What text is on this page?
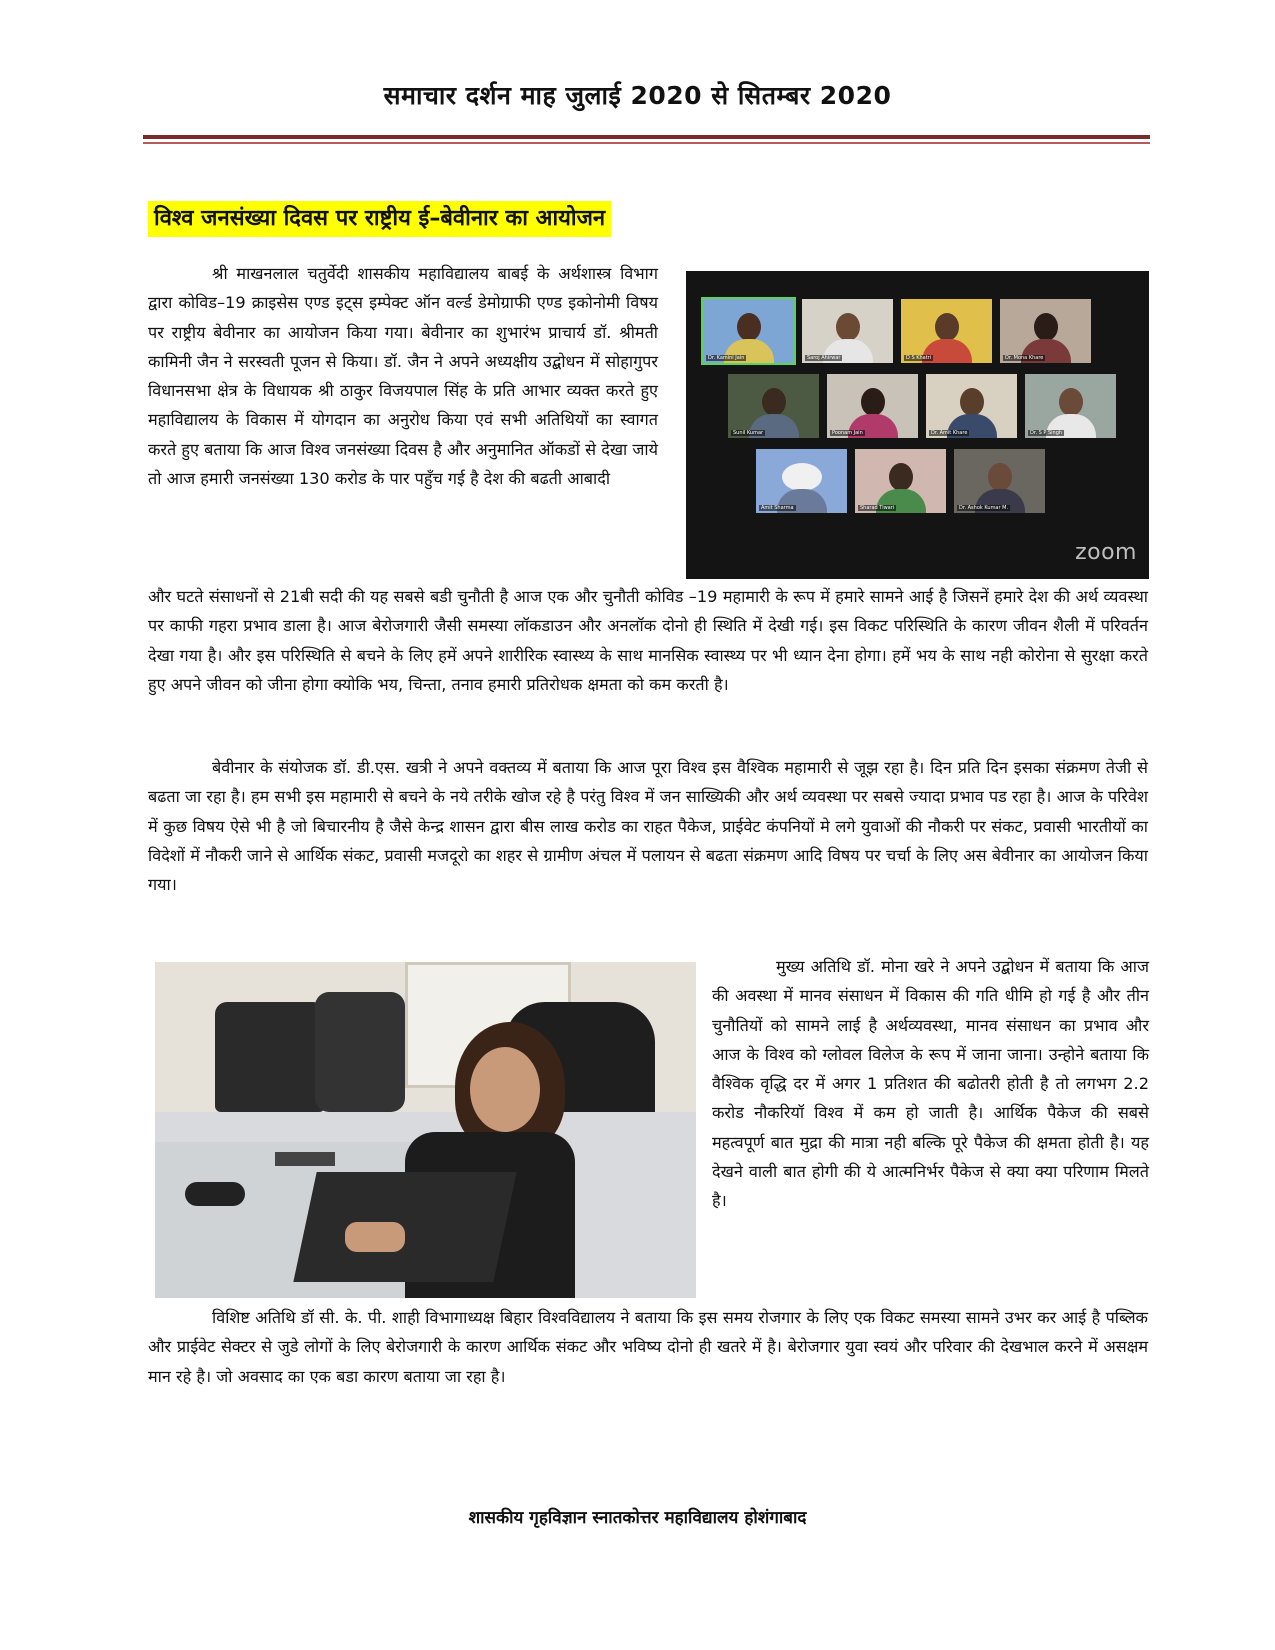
समाचार दर्शन माह जुलाई 2020 से सितम्बर 2020
विश्व जनसंख्या दिवस पर राष्ट्रीय ई–बेवीनार का आयोजन

श्री माखनलाल चतुर्वेदी शासकीय महाविद्यालय बाबई के अर्थशास्त्र विभाग द्वारा कोविड–19 क्राइसेस एण्ड इट्स इम्पेक्ट ऑन वर्ल्ड डेमोग्राफी एण्ड इकोनोमी विषय पर राष्ट्रीय बेवीनार का आयोजन किया गया। बेवीनार का शुभारंभ प्राचार्य डॉ. श्रीमती कामिनी जैन ने सरस्वती पूजन से किया। डॉ. जैन ने अपने अध्यक्षीय उद्बोधन में सोहागुपर विधानसभा क्षेत्र के विधायक श्री ठाकुर विजयपाल सिंह के प्रति आभार व्यक्त करते हुए महाविद्यालय के विकास में योगदान का अनुरोध किया एवं सभी अतिथियों का स्वागत करते हुए बताया कि आज विश्व जनसंख्या दिवस है और अनुमानित ऑकडों से देखा जाये तो आज हमारी जनसंख्या 130 करोड के पार पहुँच गई है देश की बढती आबादी

Dr. Kamini Jain	Saroj Ahirwar	D S Khatri	Dr. Mona Khare
Sunil Kumar	Poonam Jain	Dr. Amit Khare	Dr. S P Singh
Amit Sharma	Sharad Tiwari	Dr. Ashok Kumar M.
zoom

और घटते संसाधनों से 21बी सदी की यह सबसे बडी चुनौती है आज एक और चुनौती कोविड –19 महामारी के रूप में हमारे सामने आई है जिसनें हमारे देश की अर्थ व्यवस्था पर काफी गहरा प्रभाव डाला है। आज बेरोजगारी जैसी समस्या लॉकडाउन और अनलॉक दोनो ही स्थिति में देखी गई। इस विकट परिस्थिति के कारण जीवन शैली में परिवर्तन देखा गया है। और इस परिस्थिति से बचने के लिए हमें अपने शारीरिक स्वास्थ्य के साथ मानसिक स्वास्थ्य पर भी ध्यान देना होगा। हमें भय के साथ नही कोरोना से सुरक्षा करते हुए अपने जीवन को जीना होगा क्योकि भय, चिन्ता, तनाव हमारी प्रतिरोधक क्षमता को कम करती है।

बेवीनार के संयोजक डॉ. डी.एस. खत्री ने अपने वक्तव्य में बताया कि आज पूरा विश्व इस वैश्विक महामारी से जूझ रहा है। दिन प्रति दिन इसका संक्रमण तेजी से बढता जा रहा है। हम सभी इस महामारी से बचने के नये तरीके खोज रहे है परंतु विश्व में जन साख्यिकी और अर्थ व्यवस्था पर सबसे ज्यादा प्रभाव पड रहा है। आज के परिवेश में कुछ विषय ऐसे भी है जो बिचारनीय है जैसे केन्द्र शासन द्वारा बीस लाख करोड का राहत पैकेज, प्राईवेट कंपनियों मे लगे युवाओं की नौकरी पर संकट, प्रवासी भारतीयों का विदेशों में नौकरी जाने से आर्थिक संकट, प्रवासी मजदूरो का शहर से ग्रामीण अंचल में पलायन से बढता संक्रमण आदि विषय पर चर्चा के लिए अस बेवीनार का आयोजन किया गया।

मुख्य अतिथि डॉ. मोना खरे ने अपने उद्बोधन में बताया कि आज की अवस्था में मानव संसाधन में विकास की गति धीमि हो गई है और तीन चुनौतियों को सामने लाई है अर्थव्यवस्था, मानव संसाधन का प्रभाव और आज के विश्व को ग्लोवल विलेज के रूप में जाना जाना। उन्होने बताया कि वैश्विक वृद्धि दर में अगर 1 प्रतिशत की बढोतरी होती है तो लगभग 2.2 करोड नौकरियॉ विश्व में कम हो जाती है। आर्थिक पैकेज की सबसे महत्वपूर्ण बात मुद्रा की मात्रा नही बल्कि पूरे पैकेज की क्षमता होती है। यह देखने वाली बात होगी की ये आत्मनिर्भर पैकेज से क्या क्या परिणाम मिलते है।

विशिष्ट अतिथि डॉ सी. के. पी. शाही विभागाध्यक्ष बिहार विश्वविद्यालय ने बताया कि इस समय रोजगार के लिए एक विकट समस्या सामने उभर कर आई है पब्लिक और प्राईवेट सेक्टर से जुडे लोगों के लिए बेरोजगारी के कारण आर्थिक संकट और भविष्य दोनो ही खतरे में है। बेरोजगार युवा स्वयं और परिवार की देखभाल करने में असक्षम मान रहे है। जो अवसाद का एक बडा कारण बताया जा रहा है।

शासकीय गृहविज्ञान स्नातकोत्तर महाविद्यालय होशंगाबाद
